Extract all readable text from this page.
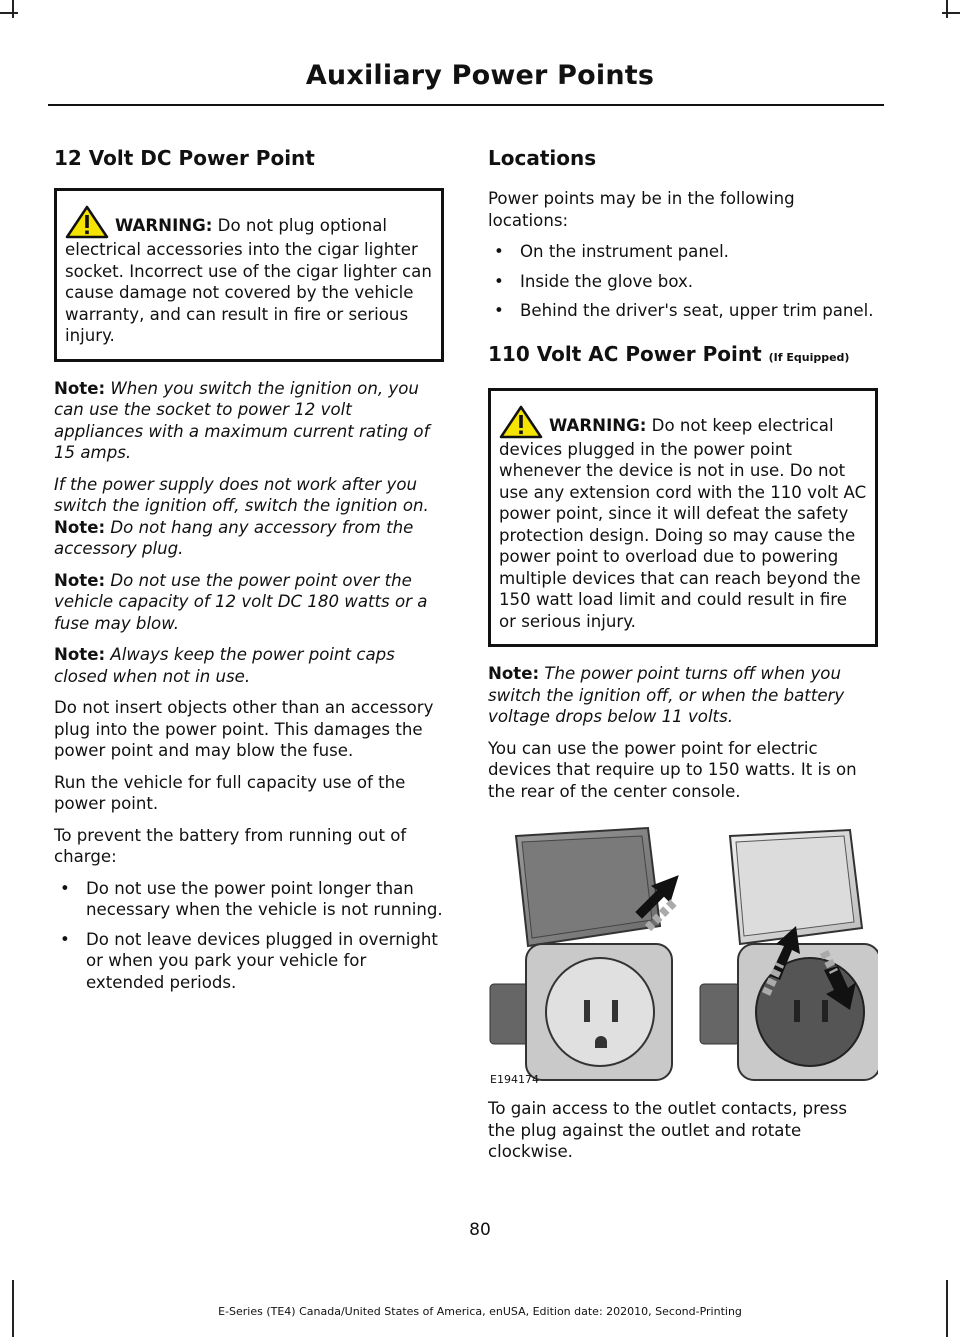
Auxiliary Power Points
12 Volt DC Power Point
WARNING: Do not plug optional electrical accessories into the cigar lighter socket. Incorrect use of the cigar lighter can cause damage not covered by the vehicle warranty, and can result in fire or serious injury.

Note: When you switch the ignition on, you can use the socket to power 12 volt appliances with a maximum current rating of 15 amps.

If the power supply does not work after you switch the ignition off, switch the ignition on.

Note: Do not hang any accessory from the accessory plug.

Note: Do not use the power point over the vehicle capacity of 12 volt DC 180 watts or a fuse may blow.

Note: Always keep the power point caps closed when not in use.

Do not insert objects other than an accessory plug into the power point. This damages the power point and may blow the fuse.

Run the vehicle for full capacity use of the power point.

To prevent the battery from running out of charge:

• Do not use the power point longer than necessary when the vehicle is not running.
• Do not leave devices plugged in overnight or when you park your vehicle for extended periods.
Locations

Power points may be in the following locations:

• On the instrument panel.
• Inside the glove box.
• Behind the driver's seat, upper trim panel.
110 Volt AC Power Point (If Equipped)
WARNING: Do not keep electrical devices plugged in the power point whenever the device is not in use. Do not use any extension cord with the 110 volt AC power point, since it will defeat the safety protection design. Doing so may cause the power point to overload due to powering multiple devices that can reach beyond the 150 watt load limit and could result in fire or serious injury.

Note: The power point turns off when you switch the ignition off, or when the battery voltage drops below 11 volts.

You can use the power point for electric devices that require up to 150 watts. It is on the rear of the center console.

E194174

To gain access to the outlet contacts, press the plug against the outlet and rotate clockwise.

80
E-Series (TE4) Canada/United States of America, enUSA, Edition date: 202010, Second-Printing
